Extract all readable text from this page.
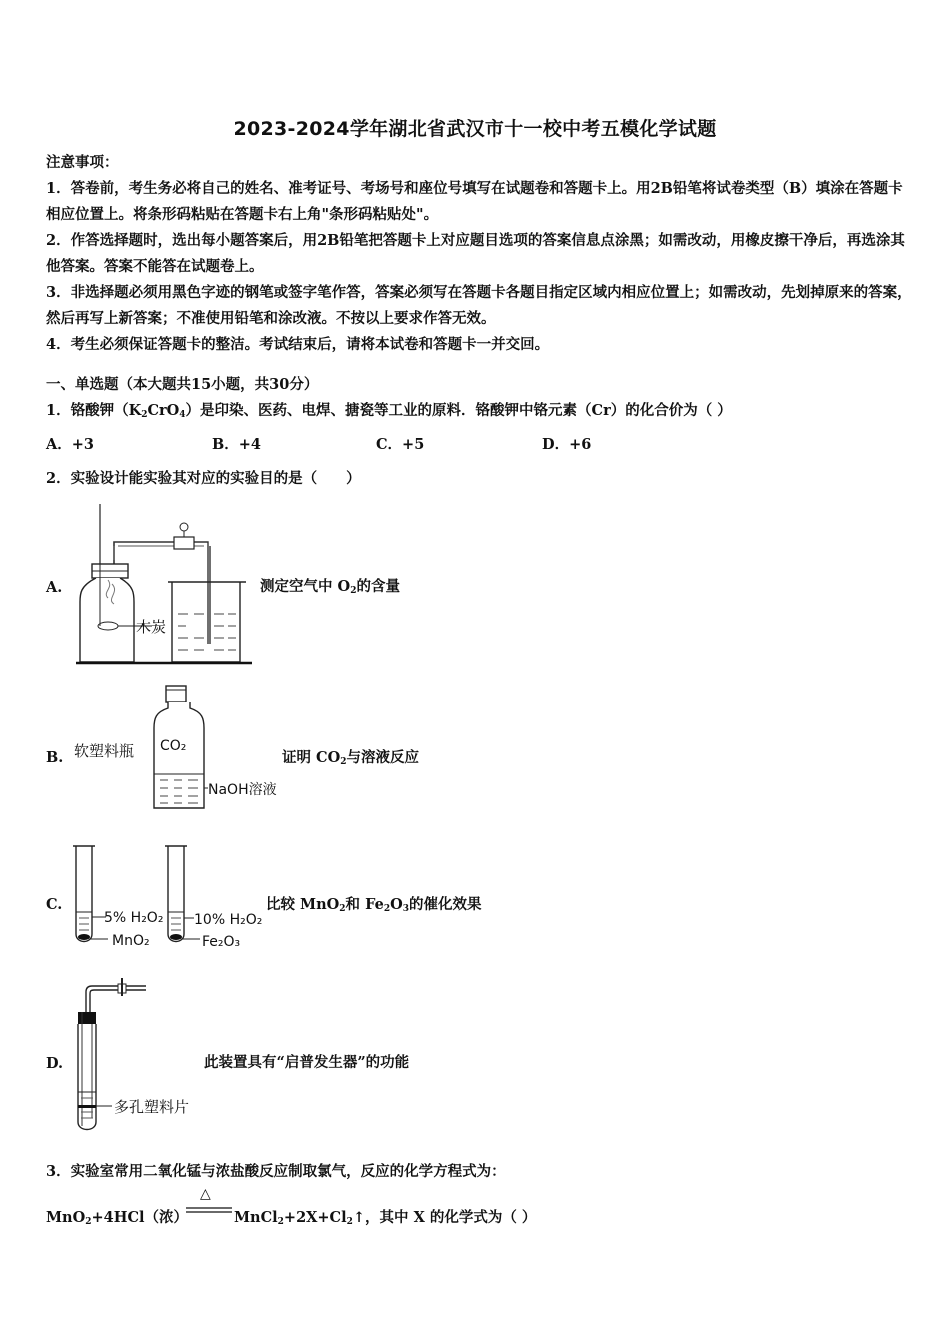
2023-2024学年湖北省武汉市十一校中考五模化学试题

注意事项：

1．答卷前，考生务必将自己的姓名、准考证号、考场号和座位号填写在试题卷和答题卡上。用2B铅笔将试卷类型（B）填涂在答题卡相应位置上。将条形码粘贴在答题卡右上角"条形码粘贴处"。

2．作答选择题时，选出每小题答案后，用2B铅笔把答题卡上对应题目选项的答案信息点涂黑；如需改动，用橡皮擦干净后，再选涂其他答案。答案不能答在试题卷上。

3．非选择题必须用黑色字迹的钢笔或签字笔作答，答案必须写在答题卡各题目指定区域内相应位置上；如需改动，先划掉原来的答案，然后再写上新答案；不准使用铅笔和涂改液。不按以上要求作答无效。

4．考生必须保证答题卡的整洁。考试结束后，请将本试卷和答题卡一并交回。

一、单选题（本大题共15小题，共30分）
1．铬酸钾$(K_2CrO_4)$是印染、医药、电焊、搪瓷等工业的原料．铬酸钾中铬元素（Cr）的化合价为（ ）
A．+3	B．+4	C．+5	D．+6
2．实验设计能实验其对应的实验目的是（　　）
A.
木炭
测定空气中 $O_2$的含量
B. 软塑料瓶 CO₂
NaOH溶液
证明 $CO_2$与溶液反应
C.
5% H₂O₂
MnO₂
10% H₂O₂
Fe₂O₃
比较 MnO$_2$和 $Fe_2O_3$的催化效果
D.
多孔塑料片
此装置具有“启普发生器”的功能
3．实验室常用二氧化锰与浓盐酸反应制取氯气，反应的化学方程式为：
MnO$_2$+4HCl（浓）
△
$MnCl_2+2X+Cl_2↑$，其中 X 的化学式为（ ）
